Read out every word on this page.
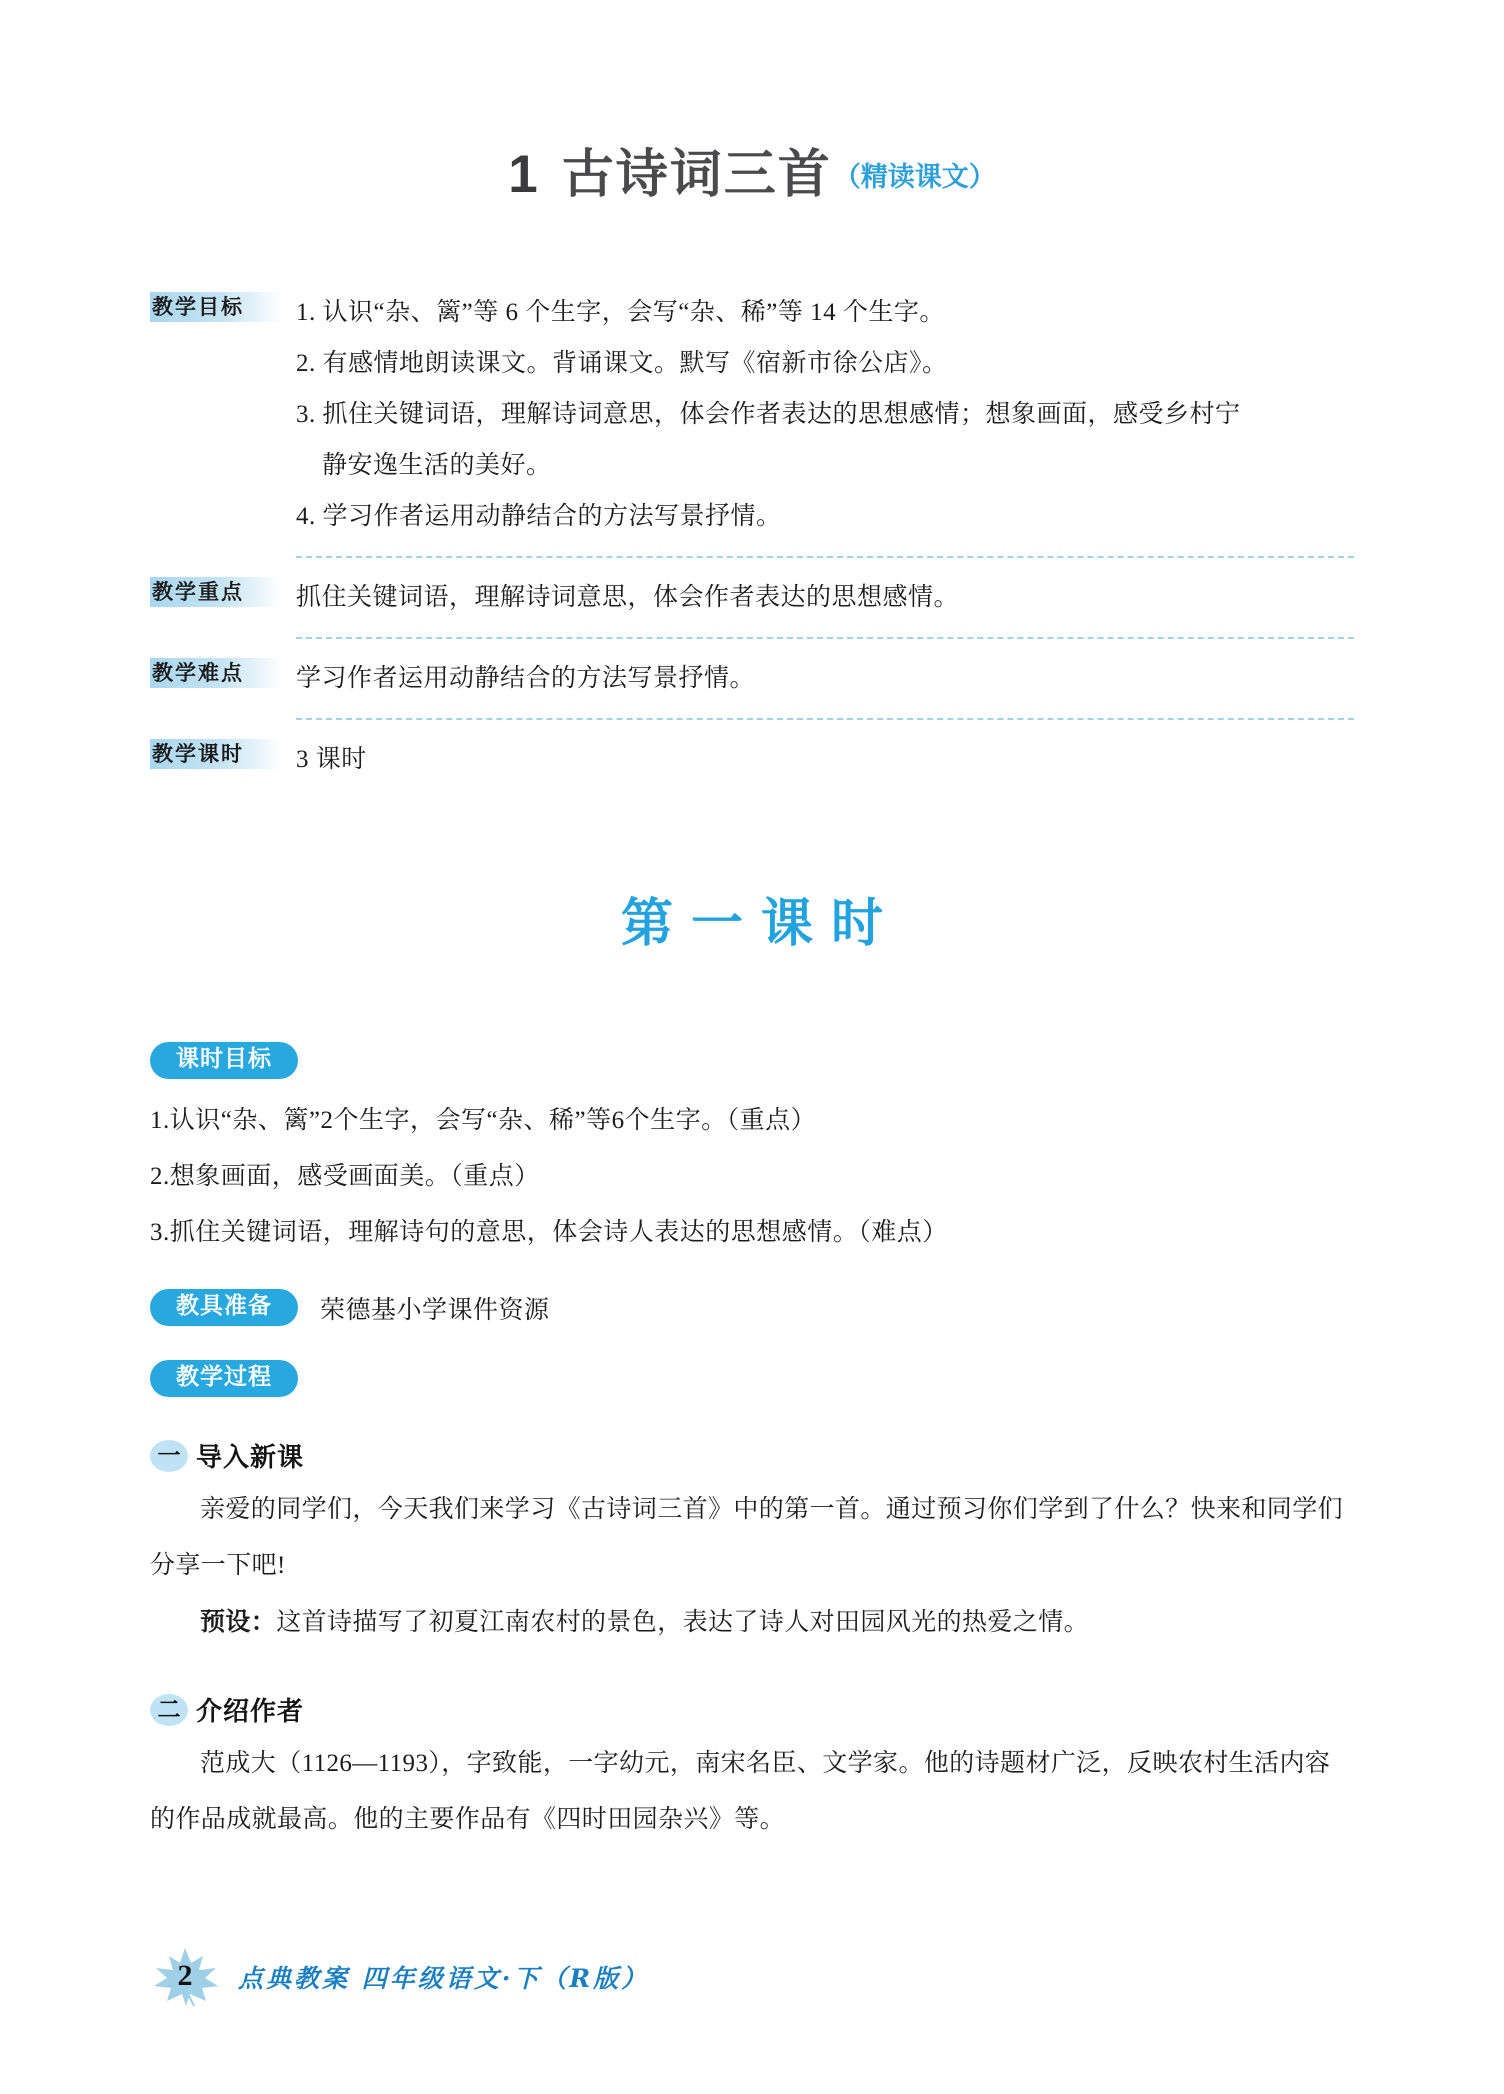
1 古诗词三首（精读课文）
教学目标	1. 认识“杂、篱”等 6 个生字，会写“杂、稀”等 14 个生字。
2. 有感情地朗读课文。背诵课文。默写《宿新市徐公店》。
3. 抓住关键词语，理解诗词意思，体会作者表达的思想感情；想象画面，感受乡村宁
静安逸生活的美好。
4. 学习作者运用动静结合的方法写景抒情。
教学重点	抓住关键词语，理解诗词意思，体会作者表达的思想感情。
教学难点	学习作者运用动静结合的方法写景抒情。
教学课时	3 课时
第一课时
课时目标
1.认识“杂、篱”2个生字，会写“杂、稀”等6个生字。（重点）
2.想象画面，感受画面美。（重点）
3.抓住关键词语，理解诗句的意思，体会诗人表达的思想感情。（难点）
教具准备	荣德基小学课件资源
教学过程
一 导入新课

亲爱的同学们，今天我们来学习《古诗词三首》中的第一首。通过预习你们学到了什么？快来和同学们分享一下吧!

预设：这首诗描写了初夏江南农村的景色，表达了诗人对田园风光的热爱之情。

二 介绍作者

范成大（1126—1193），字致能，一字幼元，南宋名臣、文学家。他的诗题材广泛，反映农村生活内容的作品成就最高。他的主要作品有《四时田园杂兴》等。

2	点典教案 四年级语文·下（R版）
